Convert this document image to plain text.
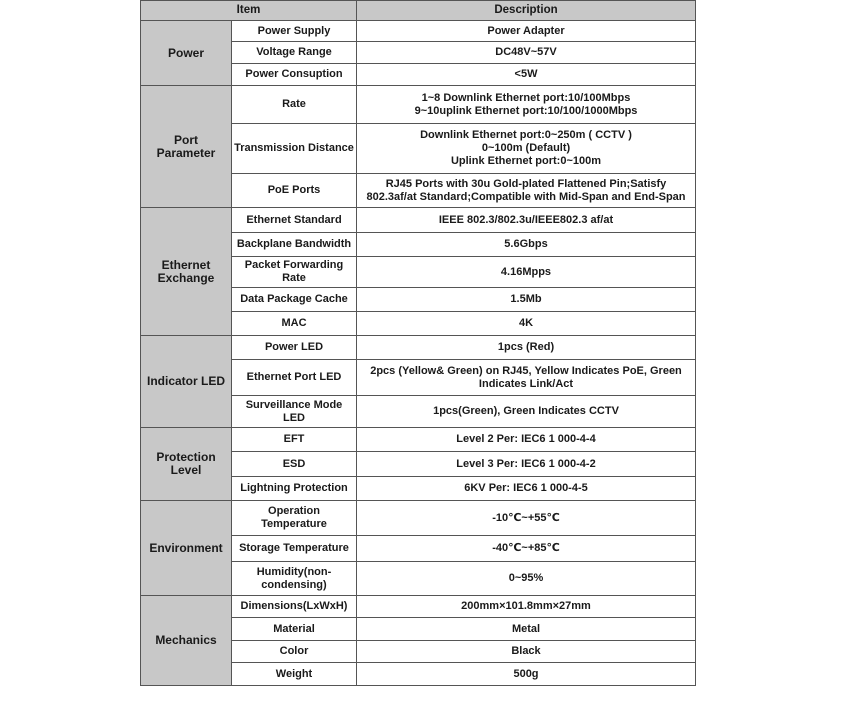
Item		Description
Power	Power Supply	Power Adapter

	Voltage Range	DC48V~57V

	Power Consuption	<5W

Port Parameter	Rate	1~8 Downlink Ethernet port:10/100Mbps
9~10uplink Ethernet port:10/100/1000Mbps

	Transmission Distance	Downlink Ethernet port:0~250m ( CCTV )
0~100m (Default)
Uplink Ethernet port:0~100m

	PoE Ports	RJ45 Ports with 30u Gold-plated Flattened Pin;Satisfy
802.3af/at Standard;Compatible with Mid-Span and End-Span

Ethernet Exchange	Ethernet Standard	IEEE 802.3/802.3u/IEEE802.3 af/at

	Backplane Bandwidth	5.6Gbps

	Packet Forwarding Rate	4.16Mpps

	Data Package Cache	1.5Mb

	MAC	4K

Indicator LED	Power LED	1pcs (Red)

	Ethernet Port LED	2pcs (Yellow& Green) on RJ45, Yellow Indicates PoE, Green
Indicates Link/Act

	Surveillance Mode LED	1pcs(Green), Green Indicates CCTV

Protection Level	EFT	Level 2 Per: IEC6 1 000-4-4

	ESD	Level 3 Per: IEC6 1 000-4-2

	Lightning Protection	6KV Per: IEC6 1 000-4-5

Environment	Operation Temperature	-10℃~+55℃

	Storage Temperature	-40℃~+85℃

	Humidity(non-condensing)	0~95%

Mechanics	Dimensions(LxWxH)	200mm×101.8mm×27mm

	Material	Metal

	Color	Black

	Weight	500g
